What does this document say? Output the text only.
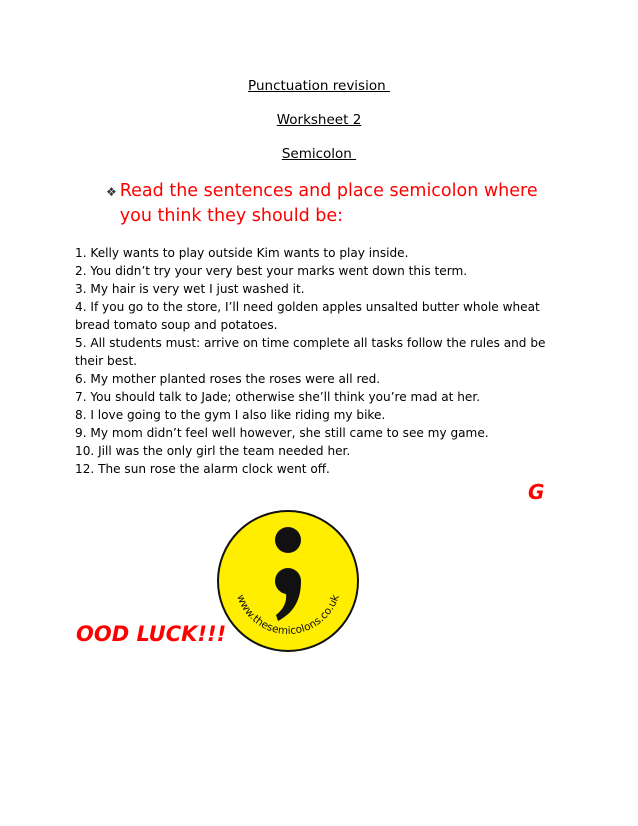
Punctuation revision
Worksheet 2
Semicolon
❖ Read the sentences and place semicolon where you think they should be:

1. Kelly wants to play outside Kim wants to play inside.

2. You didn’t try your very best your marks went down this term.

3. My hair is very wet I just washed it.

4. If you go to the store, I’ll need golden apples unsalted butter whole wheat bread tomato soup and potatoes.

5. All students must: arrive on time complete all tasks follow the rules and be their best.

6. My mother planted roses the roses were all red.

7. You should talk to Jade; otherwise she’ll think you’re mad at her.

8. I love going to the gym I also like riding my bike.

9. My mom didn’t feel well however, she still came to see my game.

10. Jill was the only girl the team needed her.

12. The sun rose the alarm clock went off.

G
www.thesemicolons.co.uk
OOD LUCK!!!
